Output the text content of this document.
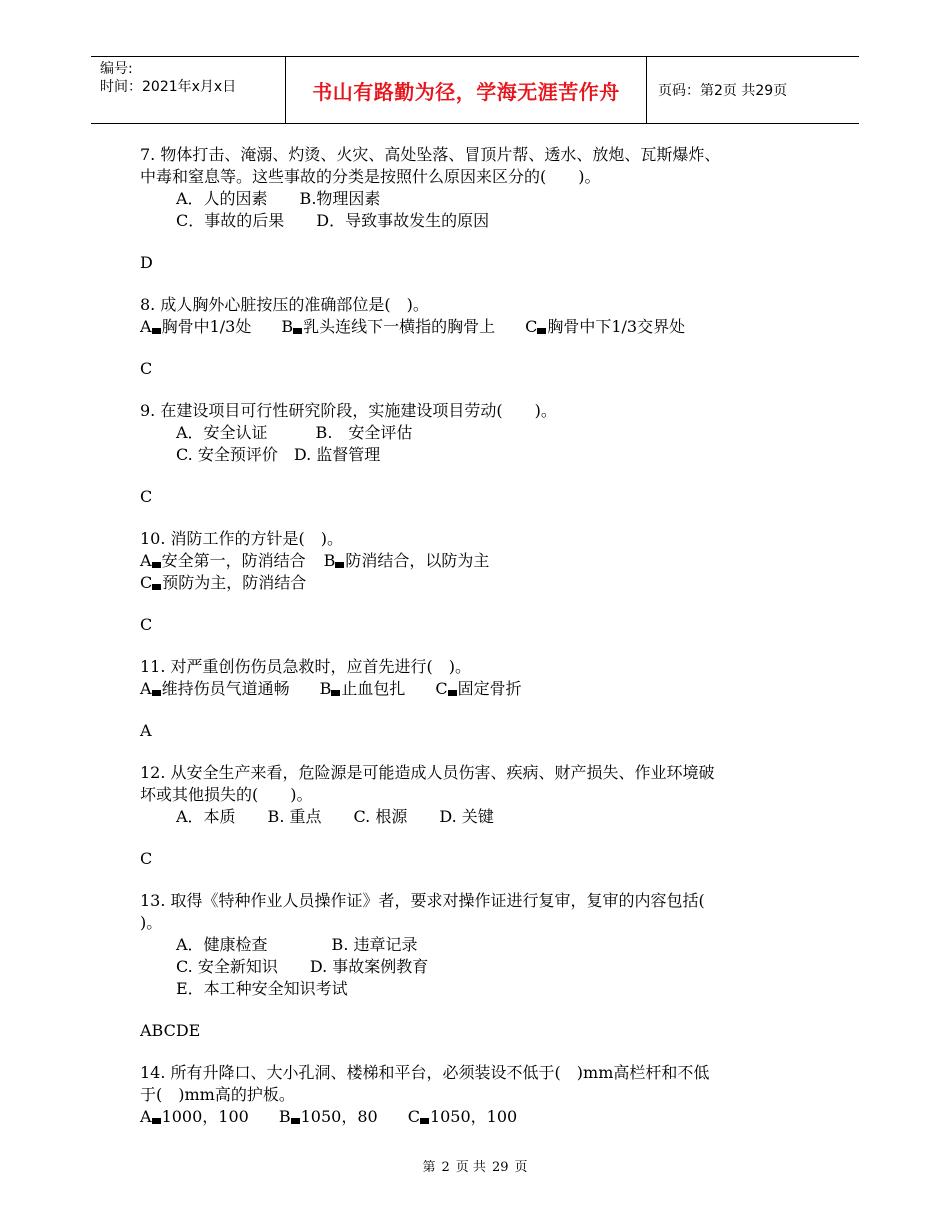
编号:
时间：2021年x月x日	书山有路勤为径，学海无涯苦作舟	页码：第2页 共29页

7. 物体打击、淹溺、灼烫、火灾、高处坠落、冒顶片帮、透水、放炮、瓦斯爆炸、

中毒和窒息等。这些事故的分类是按照什么原因来区分的(　　)。

A．人的因素　　B.物理因素

C．事故的后果　　D．导致事故发生的原因

D

8. 成人胸外心脏按压的准确部位是(　)。

A 胸骨中1/3处 B 乳头连线下一横指的胸骨上 C 胸骨中下1/3交界处

C

9. 在建设项目可行性研究阶段，实施建设项目劳动(　　)。

A．安全认证　　　B.　安全评估

C. 安全预评价　D. 监督管理

C

10. 消防工作的方针是(　)。

A 安全第一，防消结合 B 防消结合，以防为主

C 预防为主，防消结合

C

11. 对严重创伤伤员急救时，应首先进行(　)。

A 维持伤员气道通畅 B 止血包扎 C 固定骨折

A

12. 从安全生产来看，危险源是可能造成人员伤害、疾病、财产损失、作业环境破

坏或其他损失的(　　)。

A．本质　　B. 重点　　C. 根源　　D. 关键

C

13. 取得《特种作业人员操作证》者，要求对操作证进行复审，复审的内容包括(

)。

A．健康检查　　　　B. 违章记录

C. 安全新知识　　D. 事故案例教育

E．本工种安全知识考试

ABCDE

14. 所有升降口、大小孔洞、楼梯和平台，必须装设不低于(　)mm高栏杆和不低

于(　)mm高的护板。

A 1000，100 B 1050，80 C 1050，100

第 2 页 共 29 页
